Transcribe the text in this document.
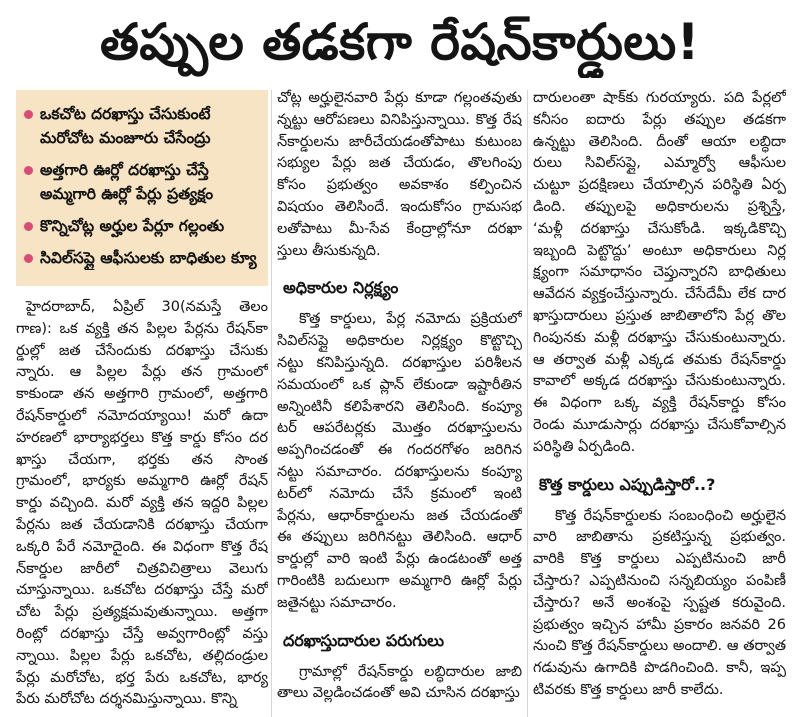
తప్పుల తడకగా రేషన్‌కార్డులు!
ఒకచోట దరఖాస్తు చేసుకుంటే
మరోచోట మంజూరు చేసేంద్రు
అత్తగారి ఊర్లో దరఖాస్తు చేస్తే
అమ్మగారి ఊర్లో పేర్లు ప్రత్యక్షం
కొన్నిచోట్ల అర్హుల పేర్లూ గల్లంతు
సివిల్‌సప్లై ఆఫీసులకు బాధితుల క్యూ
హైదరాబాద్, ఏప్రిల్ 30(నమస్తే తెలం
గాణ): ఒక వ్యక్తి తన పిల్లల పేర్లను రేషన్‌కా
ర్డుల్లో జత చేసేందుకు దరఖాస్తు చేసుకు
న్నారు. ఆ పిల్లల పేర్లు తన గ్రామంలో
కాకుండా తన అత్తగారి గ్రామంలో, అత్తగారి
రేషన్‌కార్డులో నమోదయ్యాయి! మరో ఉదా
హరణలో భార్యాభర్తలు కొత్త కార్డు కోసం దర
ఖాస్తు చేయగా, భర్తకు తన సొంత
గ్రామంలో, భార్యకు అమ్మగారి ఊర్లో రేషన్
కార్డు వచ్చింది. మరో వ్యక్తి తన ఇద్దరి పిల్లల
పేర్లను జత చేయడానికి దరఖాస్తు చేయగా
ఒక్కరి పేరే నమోదైంది. ఈ విధంగా కొత్త రేష
న్‌కార్డుల జారీలో చిత్రవిచిత్రాలు వెలుగు
చూస్తున్నాయి. ఒకచోట దరఖాస్తు చేస్తే మరో
చోట పేర్లు ప్రత్యక్షమవుతున్నాయి. అత్తగా
రింట్లో దరఖాస్తు చేస్తే అవ్వగారింట్లో వస్తు
న్నాయి. పిల్లల పేర్లు ఒకచోట, తల్లిదండ్రుల
పేర్లు మరోచోట, భర్త పేరు ఒకచోట, భార్య
పేరు మరోచోట దర్శనమిస్తున్నాయి. కొన్ని
చోట్ల అర్హులైనవారి పేర్లు కూడా గల్లంతవుతు
న్నట్టు ఆరోపణలు వినిపిస్తున్నాయి. కొత్త రేష
న్‌కార్డులను జారీచేయడంతోపాటు కుటుంబ
సభ్యుల పేర్లు జత చేయడం, తొలగింపు
కోసం ప్రభుత్వం అవకాశం కల్పించిన
విషయం తెలిసిందే. ఇందుకోసం గ్రామసభ
లతోపాటు మీ-సేవ కేంద్రాల్లోనూ దరఖా
స్తులు తీసుకున్నది.
అధికారుల నిర్లక్ష్యం
కొత్త కార్డులు, పేర్ల నమోదు ప్రక్రియలో
సివిల్‌సప్లై అధికారుల నిర్లక్ష్యం కొట్టొచ్చి
నట్టు కనిపిస్తున్నది. దరఖాస్తుల పరిశీలన
సమయంలో ఒక ప్లాన్ లేకుండా ఇష్టారీతిన
అన్నింటినీ కలిపేశారని తెలిసింది. కంప్యూ
టర్ ఆపరేటర్లకు మొత్తం దరఖాస్తులను
అప్పగించడంతో ఈ గందరగోళం జరిగిన
నట్టు సమాచారం. దరఖాస్తులను కంప్యూ
టర్‌లో నమోదు చేసే క్రమంలో ఇంటి
పేర్లను, ఆధార్‌కార్డులను జత చేయడంతో
ఈ తప్పులు జరిగినట్టు తెలిసింది. ఆధార్
కార్డుల్లో వారి ఇంటి పేర్లు ఉండటంతో అత్త
గారింటికి బదులుగా అమ్మగారి ఊర్లో పేర్లు
జతైనట్టు సమాచారం.
దరఖాస్తుదారుల పరుగులు
గ్రామాల్లో రేషన్‌కార్డు లబ్ధిదారుల జాబి
తాలు వెల్లడించడంతో అవి చూసిన దరఖాస్తు
దారులంతా షాక్‌కు గురయ్యారు. పది పేర్లలో
కనీసం ఐదారు పేర్లు తప్పుల తడకగా
ఉన్నట్టు తెలిసింది. దీంతో ఆయా లబ్ధిదా
రులు సివిల్‌సప్లై, ఎమ్మార్వో ఆఫీసుల
చుట్టూ ప్రదక్షిణలు చేయాల్సిన పరిస్థితి ఏర్ప
డింది. తప్పులపై అధికారులను ప్రశ్నిస్తే,
‘మళ్లీ దరఖాస్తు చేసుకోండి. ఇక్కడికొచ్చి
ఇబ్బంది పెట్టొద్దు’ అంటూ అధికారులు నిర్ల
క్ష్యంగా సమాధానం చెప్తున్నారని బాధితులు
ఆవేదన వ్యక్తంచేస్తున్నారు. చేసేదేమీ లేక దార
ఖాస్తుదారులు ప్రస్తుత జాబితాలోని పేర్ల తొల
గింపునకు మళ్లీ దరఖాస్తు చేసుకుంటున్నారు.
ఆ తర్వాత మళ్లీ ఎక్కడ తమకు రేషన్‌కార్డు
కావాలో అక్కడ దరఖాస్తు చేసుకుంటున్నారు.
ఈ విధంగా ఒక్క వ్యక్తి రేషన్‌కార్డు కోసం
రెండు మూడుసార్లు దరఖాస్తు చేసుకోవాల్సిన
పరిస్థితి ఏర్పడింది.
కొత్త కార్డులు ఎప్పుడిస్తారో..?
కొత్త రేషన్‌కార్డులకు సంబంధించి అర్హులైన
వారి జాబితాను ప్రకటిస్తున్న ప్రభుత్వం.
వారికి కొత్త కార్డులు ఎప్పటినుంచి జారీ
చేస్తారు? ఎప్పటినుంచి సన్నబియ్యం పంపిణీ
చేస్తారు? అనే అంశంపై స్పష్టత కరువైంది.
ప్రభుత్వం ఇచ్చిన హామీ ప్రకారం జనవరి 26
నుంచి కొత్త రేషన్‌కార్డులు అందాలి. ఆ తర్వాత
గడువును ఉగాదికి పొడగించింది. కానీ, ఇప్ప
టివరకు కొత్త కార్డులు జారీ కాలేదు.
